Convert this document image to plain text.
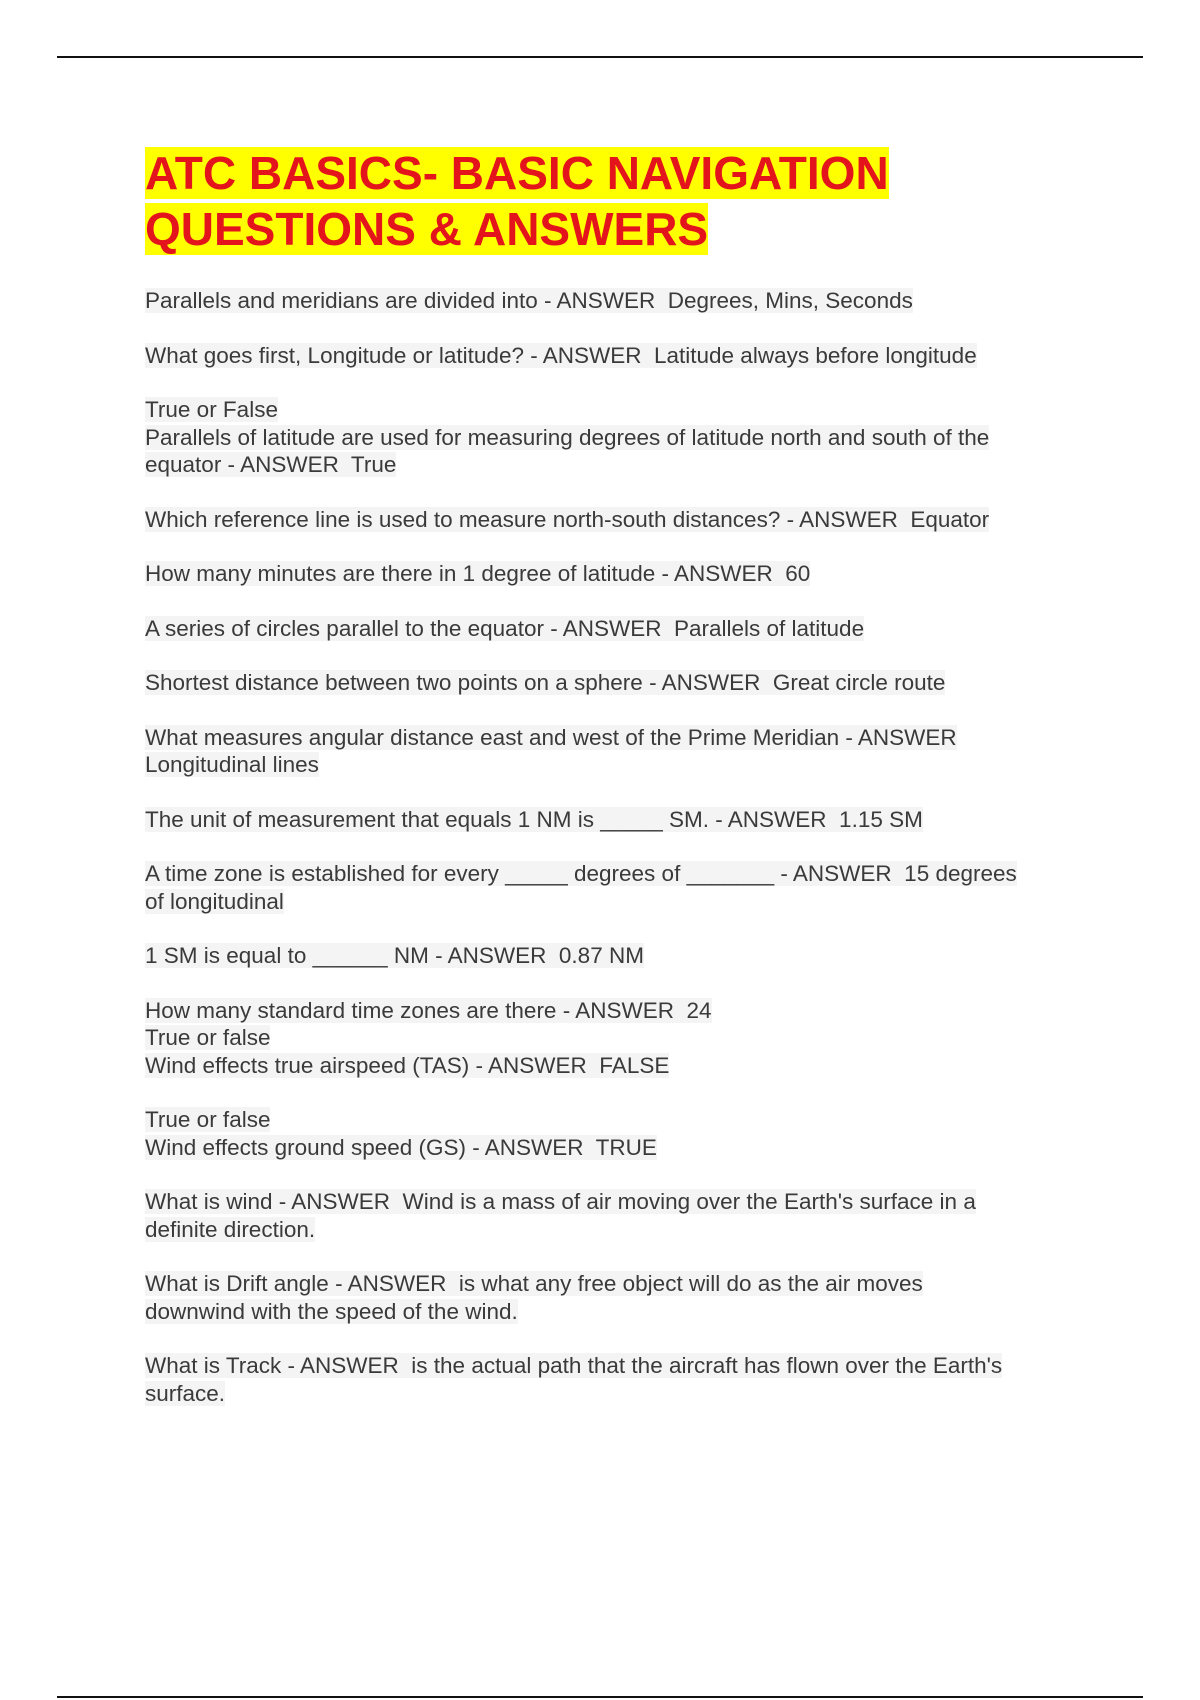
ATC BASICS- BASIC NAVIGATION
QUESTIONS & ANSWERS
Parallels and meridians are divided into - ANSWER  Degrees, Mins, Seconds
What goes first, Longitude or latitude? - ANSWER  Latitude always before longitude
True or False
Parallels of latitude are used for measuring degrees of latitude north and south of the
equator - ANSWER  True
Which reference line is used to measure north-south distances? - ANSWER  Equator
How many minutes are there in 1 degree of latitude - ANSWER  60
A series of circles parallel to the equator - ANSWER  Parallels of latitude
Shortest distance between two points on a sphere - ANSWER  Great circle route
What measures angular distance east and west of the Prime Meridian - ANSWER
Longitudinal lines
The unit of measurement that equals 1 NM is _____ SM. - ANSWER  1.15 SM
A time zone is established for every _____ degrees of _______ - ANSWER  15 degrees
of longitudinal
1 SM is equal to ______ NM - ANSWER  0.87 NM
How many standard time zones are there - ANSWER  24
True or false
Wind effects true airspeed (TAS) - ANSWER  FALSE
True or false
Wind effects ground speed (GS) - ANSWER  TRUE
What is wind - ANSWER  Wind is a mass of air moving over the Earth's surface in a
definite direction.
What is Drift angle - ANSWER  is what any free object will do as the air moves
downwind with the speed of the wind.
What is Track - ANSWER  is the actual path that the aircraft has flown over the Earth's
surface.
